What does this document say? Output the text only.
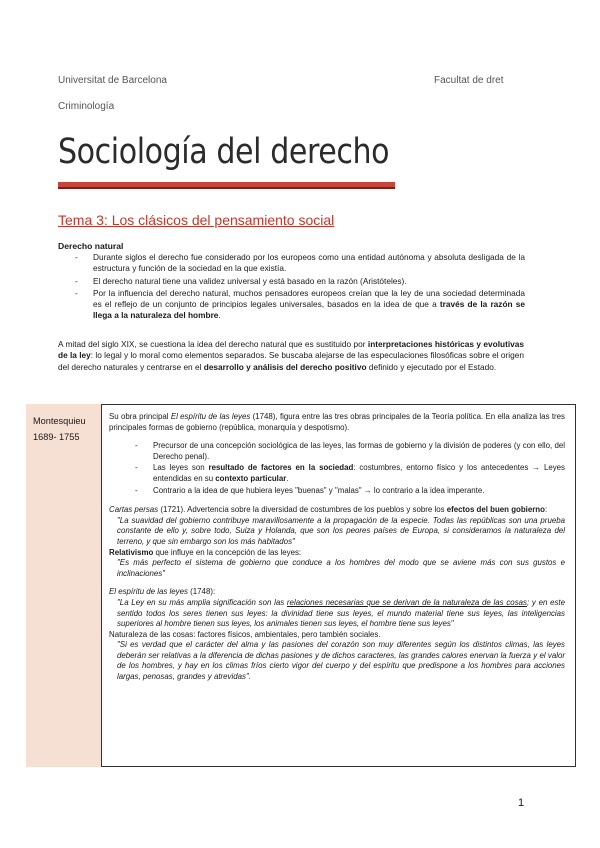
Universitat de Barcelona	Facultat de dret
Criminología
Sociología del derecho
Tema 3: Los clásicos del pensamiento social
Derecho natural
- Durante siglos el derecho fue considerado por los europeos como una entidad autónoma y absoluta desligada de la estructura y función de la sociedad en la que existía.
- El derecho natural tiene una validez universal y está basado en la razón (Aristóteles).
- Por la influencia del derecho natural, muchos pensadores europeos creían que la ley de una sociedad determinada es el reflejo de un conjunto de principios legales universales, basados en la idea de que a través de la razón se llega a la naturaleza del hombre.
A mitad del siglo XIX, se cuestiona la idea del derecho natural que es sustituido por interpretaciones históricas y evolutivas de la ley: lo legal y lo moral como elementos separados. Se buscaba alejarse de las especulaciones filosóficas sobre el origen del derecho naturales y centrarse en el desarrollo y análisis del derecho positivo definido y ejecutado por el Estado.
Montesquieu
1689- 1755

Su obra principal El espíritu de las leyes (1748), figura entre las tres obras principales de la Teoría política. En ella analiza las tres principales formas de gobierno (república, monarquía y despotismo).

- Precursor de una concepción sociológica de las leyes, las formas de gobierno y la división de poderes (y con ello, del Derecho penal).
- Las leyes son resultado de factores en la sociedad: costumbres, entorno físico y los antecedentes → Leyes entendidas en su contexto particular.
- Contrario a la idea de que hubiera leyes "buenas" y "malas" → lo contrario a la idea imperante.

Cartas persas (1721). Advertencia sobre la diversidad de costumbres de los pueblos y sobre los efectos del buen gobierno:

"La suavidad del gobierno contribuye maravillosamente a la propagación de la especie. Todas las repúblicas son una prueba constante de ello y, sobre todo, Suiza y Holanda, que son los peores países de Europa, si consideramos la naturaleza del terreno, y que sin embargo son los más habitados"

Relativismo que influye en la concepción de las leyes:

"Es más perfecto el sistema de gobierno que conduce a los hombres del modo que se aviene más con sus gustos e inclinaciones"

El espíritu de las leyes (1748):

"La Ley en su más amplia significación son las relaciones necesarias que se derivan de la naturaleza de las cosas; y en este sentido todos los seres tienen sus leyes: la divinidad tiene sus leyes, el mundo material tiene sus leyes, las inteligencias superiores al hombre tienen sus leyes, los animales tienen sus leyes, el hombre tiene sus leyes"

Naturaleza de las cosas: factores físicos, ambientales, pero también sociales.

"Si es verdad que el carácter del alma y las pasiones del corazón son muy diferentes según los distintos climas, las leyes deberán ser relativas a la diferencia de dichas pasiones y de dichos caracteres, las grandes calores enervan la fuerza y el valor de los hombres, y hay en los climas fríos cierto vigor del cuerpo y del espíritu que predispone a los hombres para acciones largas, penosas, grandes y atrevidas".

1
